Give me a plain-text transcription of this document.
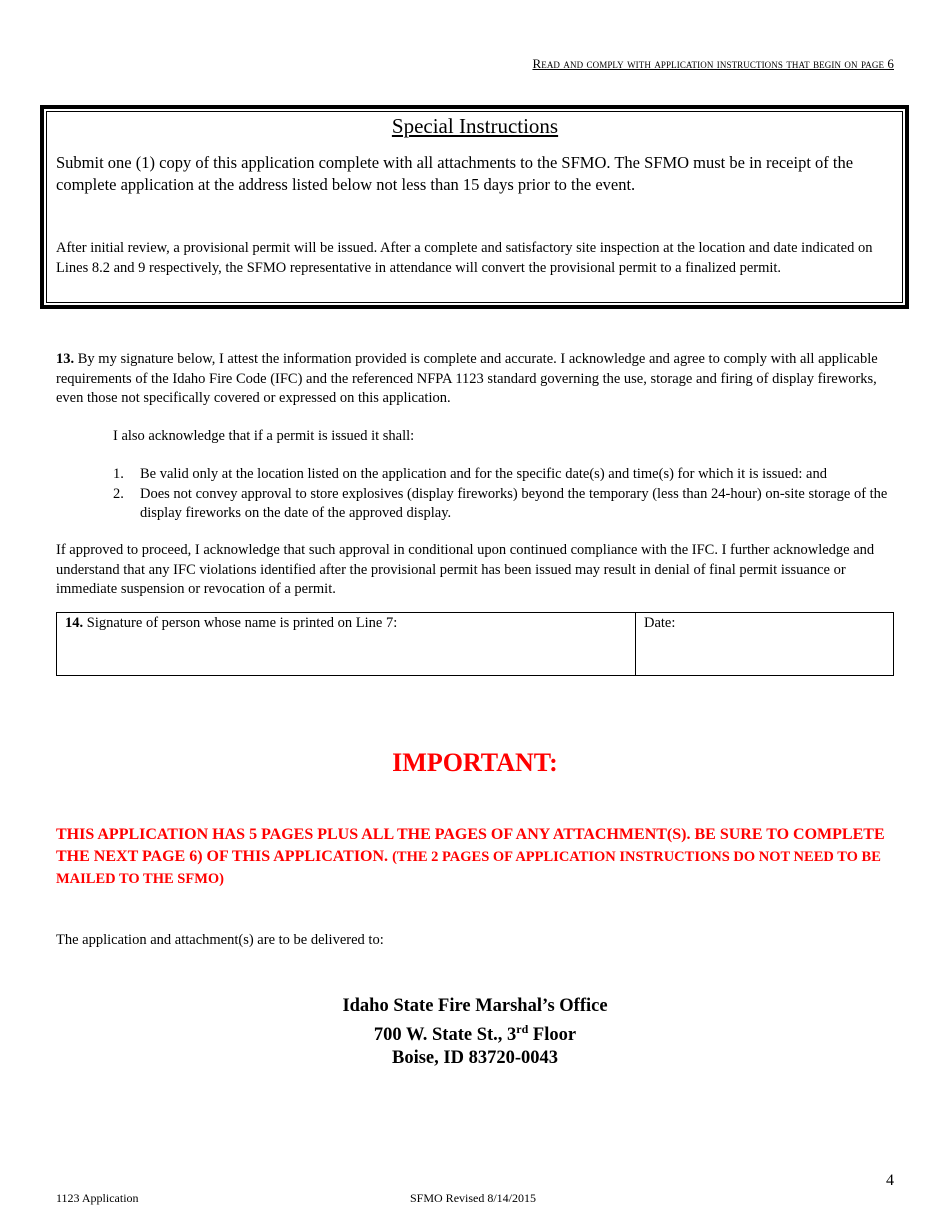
Read and comply with application instructions that begin on page 6
Special Instructions
Submit one (1) copy of this application complete with all attachments to the SFMO. The SFMO must be in receipt of the complete application at the address listed below not less than 15 days prior to the event.
After initial review, a provisional permit will be issued. After a complete and satisfactory site inspection at the location and date indicated on Lines 8.2 and 9 respectively, the SFMO representative in attendance will convert the provisional permit to a finalized permit.
13. By my signature below, I attest the information provided is complete and accurate. I acknowledge and agree to comply with all applicable requirements of the Idaho Fire Code (IFC) and the referenced NFPA 1123 standard governing the use, storage and firing of display fireworks, even those not specifically covered or expressed on this application.
I also acknowledge that if a permit is issued it shall:
1. Be valid only at the location listed on the application and for the specific date(s) and time(s) for which it is issued: and
2. Does not convey approval to store explosives (display fireworks) beyond the temporary (less than 24-hour) on-site storage of the display fireworks on the date of the approved display.
If approved to proceed, I acknowledge that such approval in conditional upon continued compliance with the IFC. I further acknowledge and understand that any IFC violations identified after the provisional permit has been issued may result in denial of final permit issuance or immediate suspension or revocation of a permit.
14. Signature of person whose name is printed on Line 7:	Date:
IMPORTANT:
THIS APPLICATION HAS 5 PAGES PLUS ALL THE PAGES OF ANY ATTACHMENT(S). BE SURE TO COMPLETE THE NEXT PAGE 6) OF THIS APPLICATION. (THE 2 PAGES OF APPLICATION INSTRUCTIONS DO NOT NEED TO BE MAILED TO THE SFMO)
The application and attachment(s) are to be delivered to:
Idaho State Fire Marshal’s Office
700 W. State St., 3rd Floor
Boise, ID 83720-0043
4
1123 Application	SFMO Revised 8/14/2015
